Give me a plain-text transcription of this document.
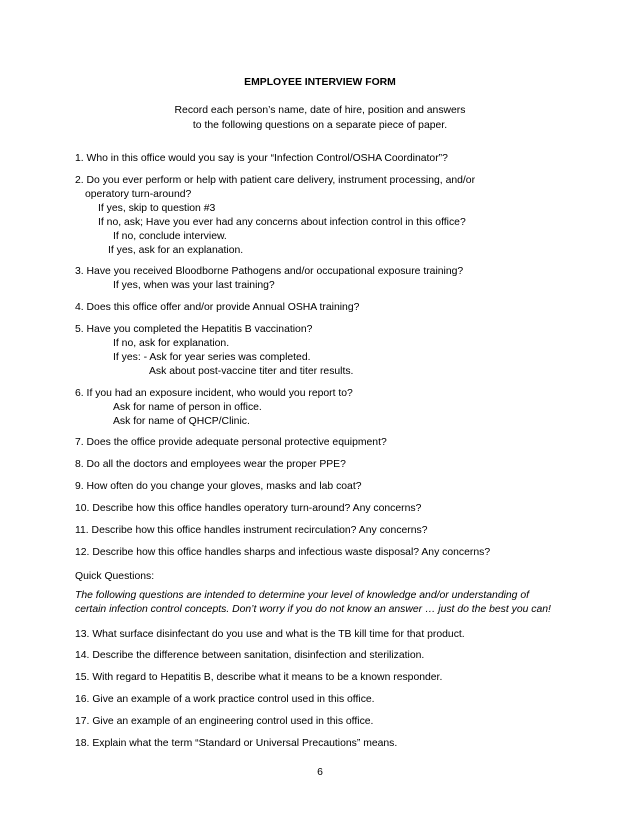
EMPLOYEE INTERVIEW FORM
Record each person’s name, date of hire, position and answers
to the following questions on a separate piece of paper.
1. Who in this office would you say is your “Infection Control/OSHA Coordinator”?
2. Do you ever perform or help with patient care delivery, instrument processing, and/or
operatory turn-around?
If yes, skip to question #3
If no, ask; Have you ever had any concerns about infection control in this office?
If no, conclude interview.
If yes, ask for an explanation.
3. Have you received Bloodborne Pathogens and/or occupational exposure training?
If yes, when was your last training?
4. Does this office offer and/or provide Annual OSHA training?
5. Have you completed the Hepatitis B vaccination?
If no, ask for explanation.
If yes: - Ask for year series was completed.
Ask about post-vaccine titer and titer results.
6. If you had an exposure incident, who would you report to?
Ask for name of person in office.
Ask for name of QHCP/Clinic.
7. Does the office provide adequate personal protective equipment?
8. Do all the doctors and employees wear the proper PPE?
9. How often do you change your gloves, masks and lab coat?
10. Describe how this office handles operatory turn-around? Any concerns?
11. Describe how this office handles instrument recirculation? Any concerns?
12. Describe how this office handles sharps and infectious waste disposal? Any concerns?
Quick Questions:
The following questions are intended to determine your level of knowledge and/or understanding of
certain infection control concepts. Don’t worry if you do not know an answer … just do the best you can!
13. What surface disinfectant do you use and what is the TB kill time for that product.
14. Describe the difference between sanitation, disinfection and sterilization.
15. With regard to Hepatitis B, describe what it means to be a known responder.
16. Give an example of a work practice control used in this office.
17. Give an example of an engineering control used in this office.
18. Explain what the term “Standard or Universal Precautions” means.
6
